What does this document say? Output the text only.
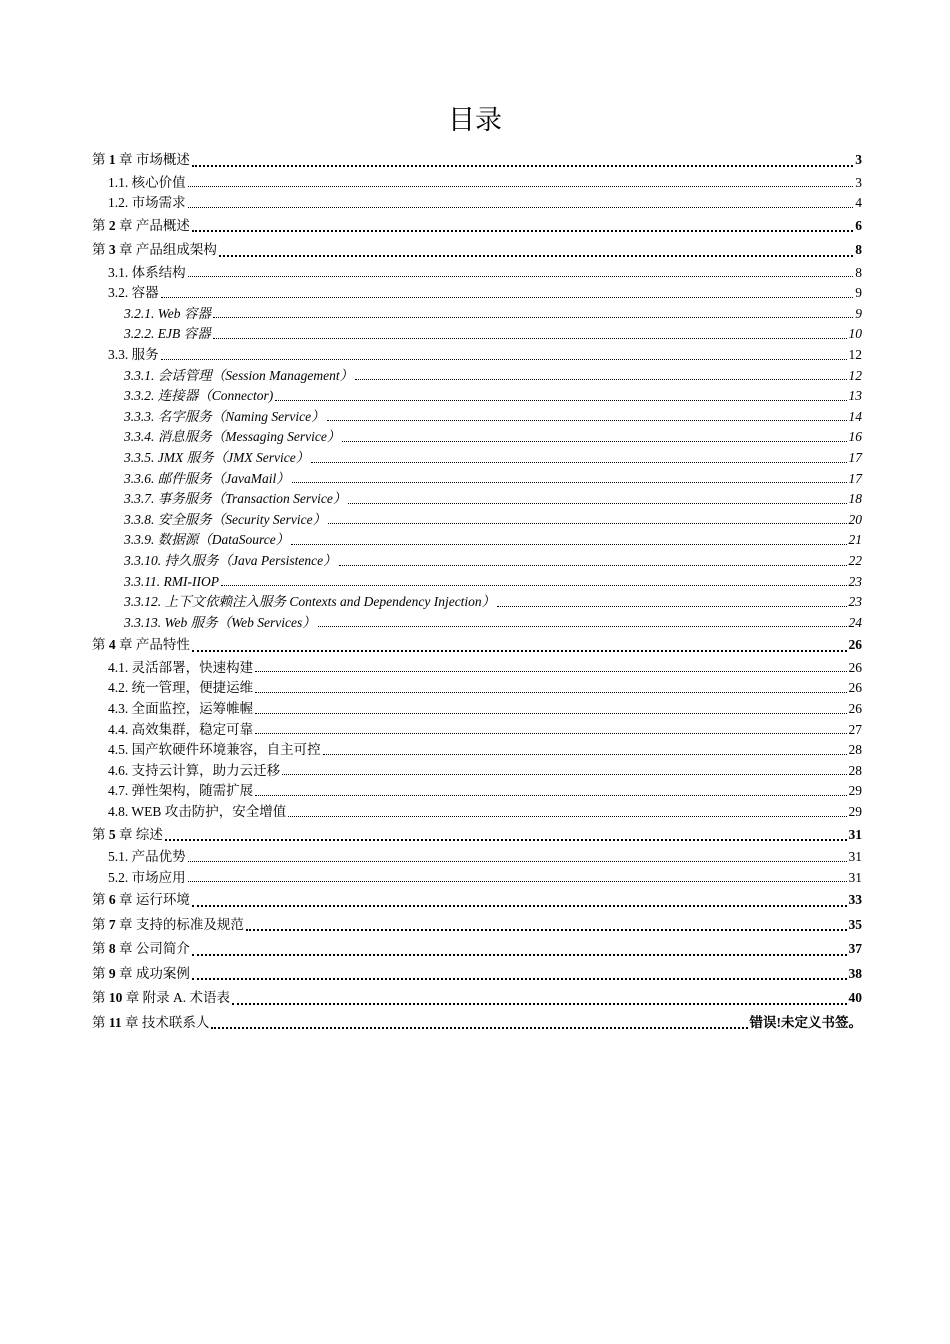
目录
第 1 章 市场概述	3
1.1. 核心价值	3
1.2. 市场需求	4
第 2 章 产品概述	6
第 3 章 产品组成架构	8
3.1. 体系结构	8
3.2. 容器	9
3.2.1. Web 容器	9
3.2.2. EJB 容器	10
3.3. 服务	12
3.3.1. 会话管理（Session Management）	12
3.3.2. 连接器（Connector)	13
3.3.3. 名字服务（Naming Service）	14
3.3.4. 消息服务（Messaging Service）	16
3.3.5. JMX 服务（JMX Service）	17
3.3.6. 邮件服务（JavaMail）	17
3.3.7. 事务服务（Transaction Service）	18
3.3.8. 安全服务（Security Service）	20
3.3.9. 数据源（DataSource）	21
3.3.10. 持久服务（Java Persistence）	22
3.3.11. RMI-IIOP	23
3.3.12. 上下文依赖注入服务 Contexts and Dependency Injection）	23
3.3.13. Web 服务（Web Services）	24
第 4 章 产品特性	26
4.1. 灵活部署，快速构建	26
4.2. 统一管理，便捷运维	26
4.3. 全面监控，运筹帷幄	26
4.4. 高效集群，稳定可靠	27
4.5. 国产软硬件环境兼容，自主可控	28
4.6. 支持云计算，助力云迁移	28
4.7. 弹性架构，随需扩展	29
4.8. WEB 攻击防护，安全增值	29
第 5 章 综述	31
5.1. 产品优势	31
5.2. 市场应用	31
第 6 章 运行环境	33
第 7 章 支持的标准及规范	35
第 8 章 公司简介	37
第 9 章 成功案例	38
第 10 章 附录 A. 术语表	40
第 11 章 技术联系人	错误!未定义书签。
